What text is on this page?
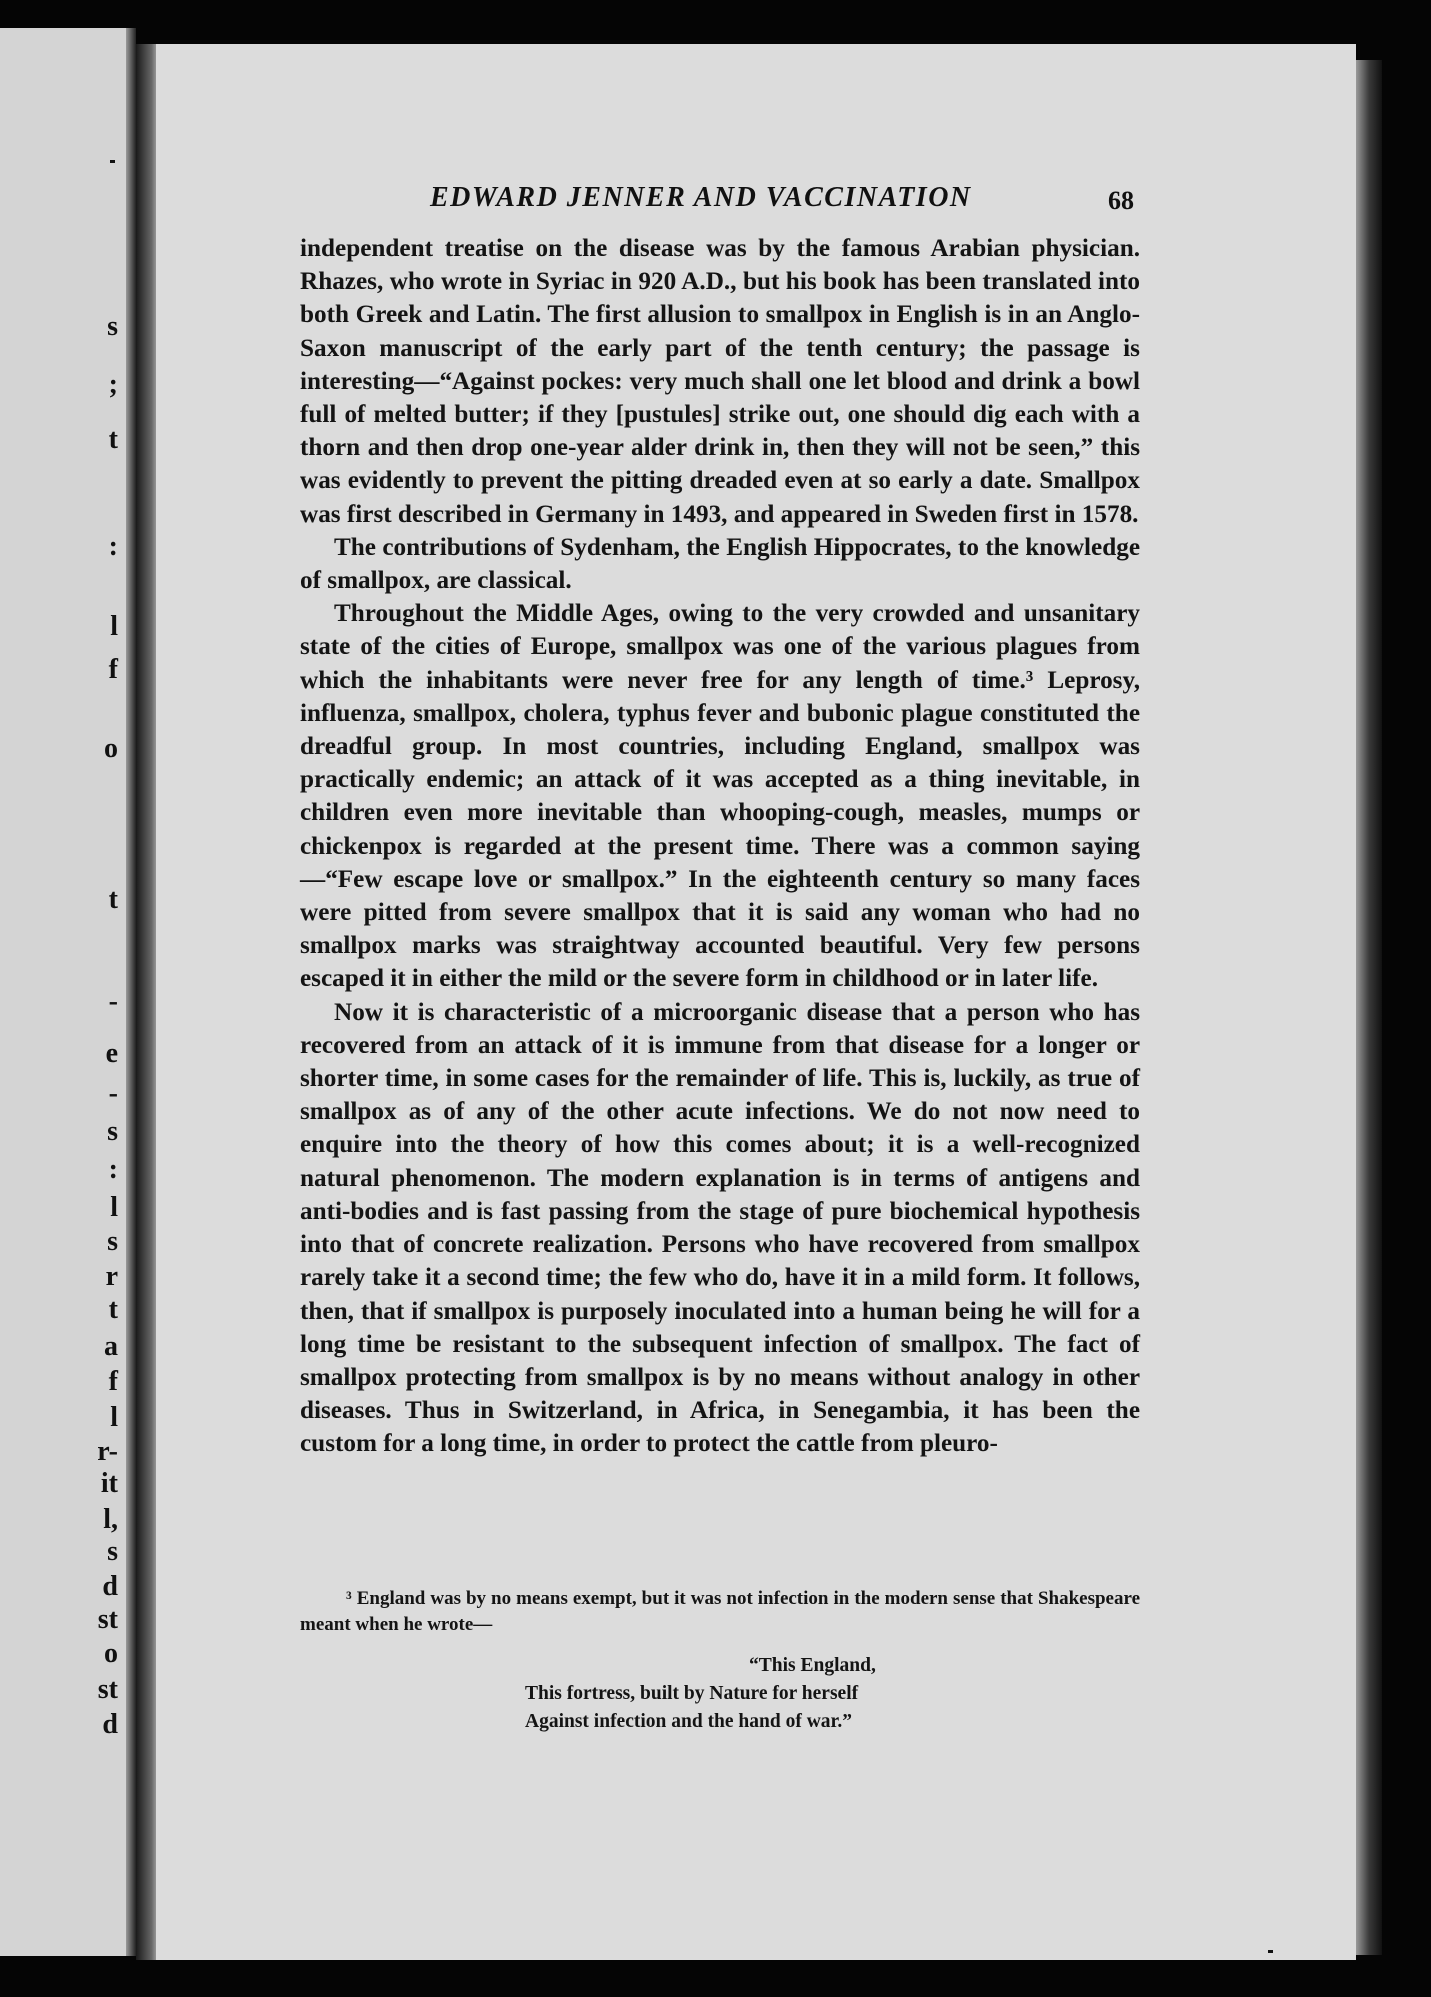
s
;
t
:
l
f
o
t
-
e
-
s
:
l
s
r
t
a
f
l
r-
it
l,
s
d
st
o
st
d
EDWARD JENNER AND VACCINATION	68

independent treatise on the disease was by the famous Arabian physician. Rhazes, who wrote in Syriac in 920 A.D., but his book has been translated into both Greek and Latin. The first allusion to smallpox in English is in an Anglo-Saxon manuscript of the early part of the tenth century; the passage is interesting—“Against pockes: very much shall one let blood and drink a bowl full of melted butter; if they [pustules] strike out, one should dig each with a thorn and then drop one-year alder drink in, then they will not be seen,” this was evidently to prevent the pitting dreaded even at so early a date. Smallpox was first described in Germany in 1493, and appeared in Sweden first in 1578.

The contributions of Sydenham, the English Hippocrates, to the knowledge of smallpox, are classical.

Throughout the Middle Ages, owing to the very crowded and unsanitary state of the cities of Europe, smallpox was one of the various plagues from which the inhabitants were never free for any length of time.³ Leprosy, influenza, smallpox, cholera, typhus fever and bubonic plague constituted the dreadful group. In most countries, including England, smallpox was practically endemic; an attack of it was accepted as a thing inevitable, in children even more inevitable than whooping-cough, measles, mumps or chickenpox is regarded at the present time. There was a common saying—“Few escape love or smallpox.” In the eighteenth century so many faces were pitted from severe smallpox that it is said any woman who had no smallpox marks was straightway accounted beautiful. Very few persons escaped it in either the mild or the severe form in childhood or in later life.

Now it is characteristic of a microorganic disease that a person who has recovered from an attack of it is immune from that disease for a longer or shorter time, in some cases for the remainder of life. This is, luckily, as true of smallpox as of any of the other acute infections. We do not now need to enquire into the theory of how this comes about; it is a well-recognized natural phenomenon. The modern explanation is in terms of antigens and anti-bodies and is fast passing from the stage of pure biochemical hypothesis into that of concrete realization. Persons who have recovered from smallpox rarely take it a second time; the few who do, have it in a mild form. It follows, then, that if smallpox is purposely inoculated into a human being he will for a long time be resistant to the subsequent infection of smallpox. The fact of smallpox protecting from smallpox is by no means without analogy in other diseases. Thus in Switzerland, in Africa, in Senegambia, it has been the custom for a long time, in order to protect the cattle from pleuro-

³ England was by no means exempt, but it was not infection in the modern sense that Shakespeare meant when he wrote—

“This England,
This fortress, built by Nature for herself
Against infection and the hand of war.”
